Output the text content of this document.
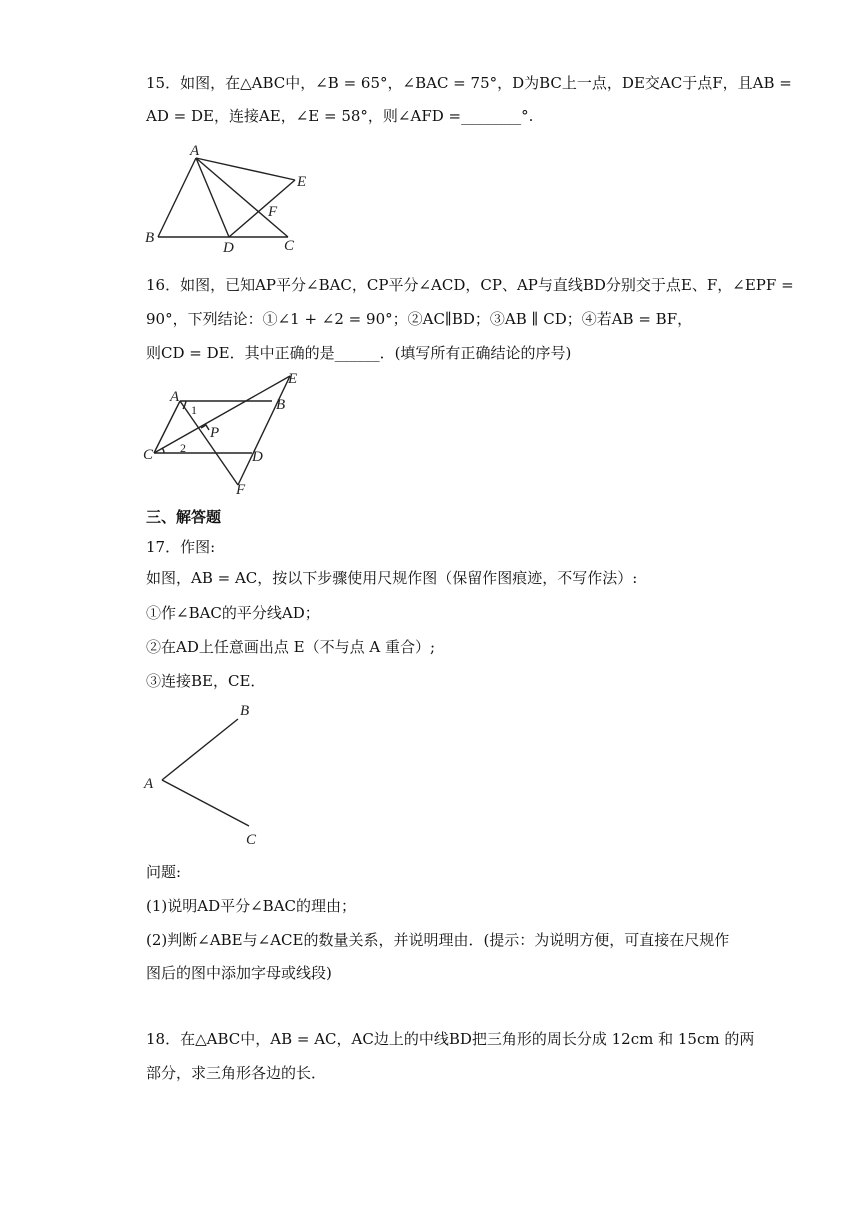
15．如图，在△ABC中，∠B = 65°，∠BAC = 75°，D为BC上一点，DE交AC于点F，且AB =
AD = DE，连接AE，∠E = 58°，则∠AFD =________°.
A
B	C
D
E
F
16．如图，已知AP平分∠BAC，CP平分∠ACD，CP、AP与直线BD分别交于点E、F，∠EPF =
90°，下列结论：①∠1 + ∠2 = 90°；②AC∥BD；③AB ∥ CD；④若AB = BF，
则CD = DE．其中正确的是______．(填写所有正确结论的序号)
A	B
C	D
E
F
P
1
2
三、解答题
17．作图:
如图，AB = AC，按以下步骤使用尺规作图（保留作图痕迹，不写作法）:
①作∠BAC的平分线AD；
②在AD上任意画出点 E（不与点 A 重合）;
③连接BE，CE．
B
A
C
问题:
(1)说明AD平分∠BAC的理由；
(2)判断∠ABE与∠ACE的数量关系，并说明理由．(提示：为说明方便，可直接在尺规作
图后的图中添加字母或线段)
18．在△ABC中，AB = AC，AC边上的中线BD把三角形的周长分成 12cm 和 15cm 的两
部分，求三角形各边的长．
